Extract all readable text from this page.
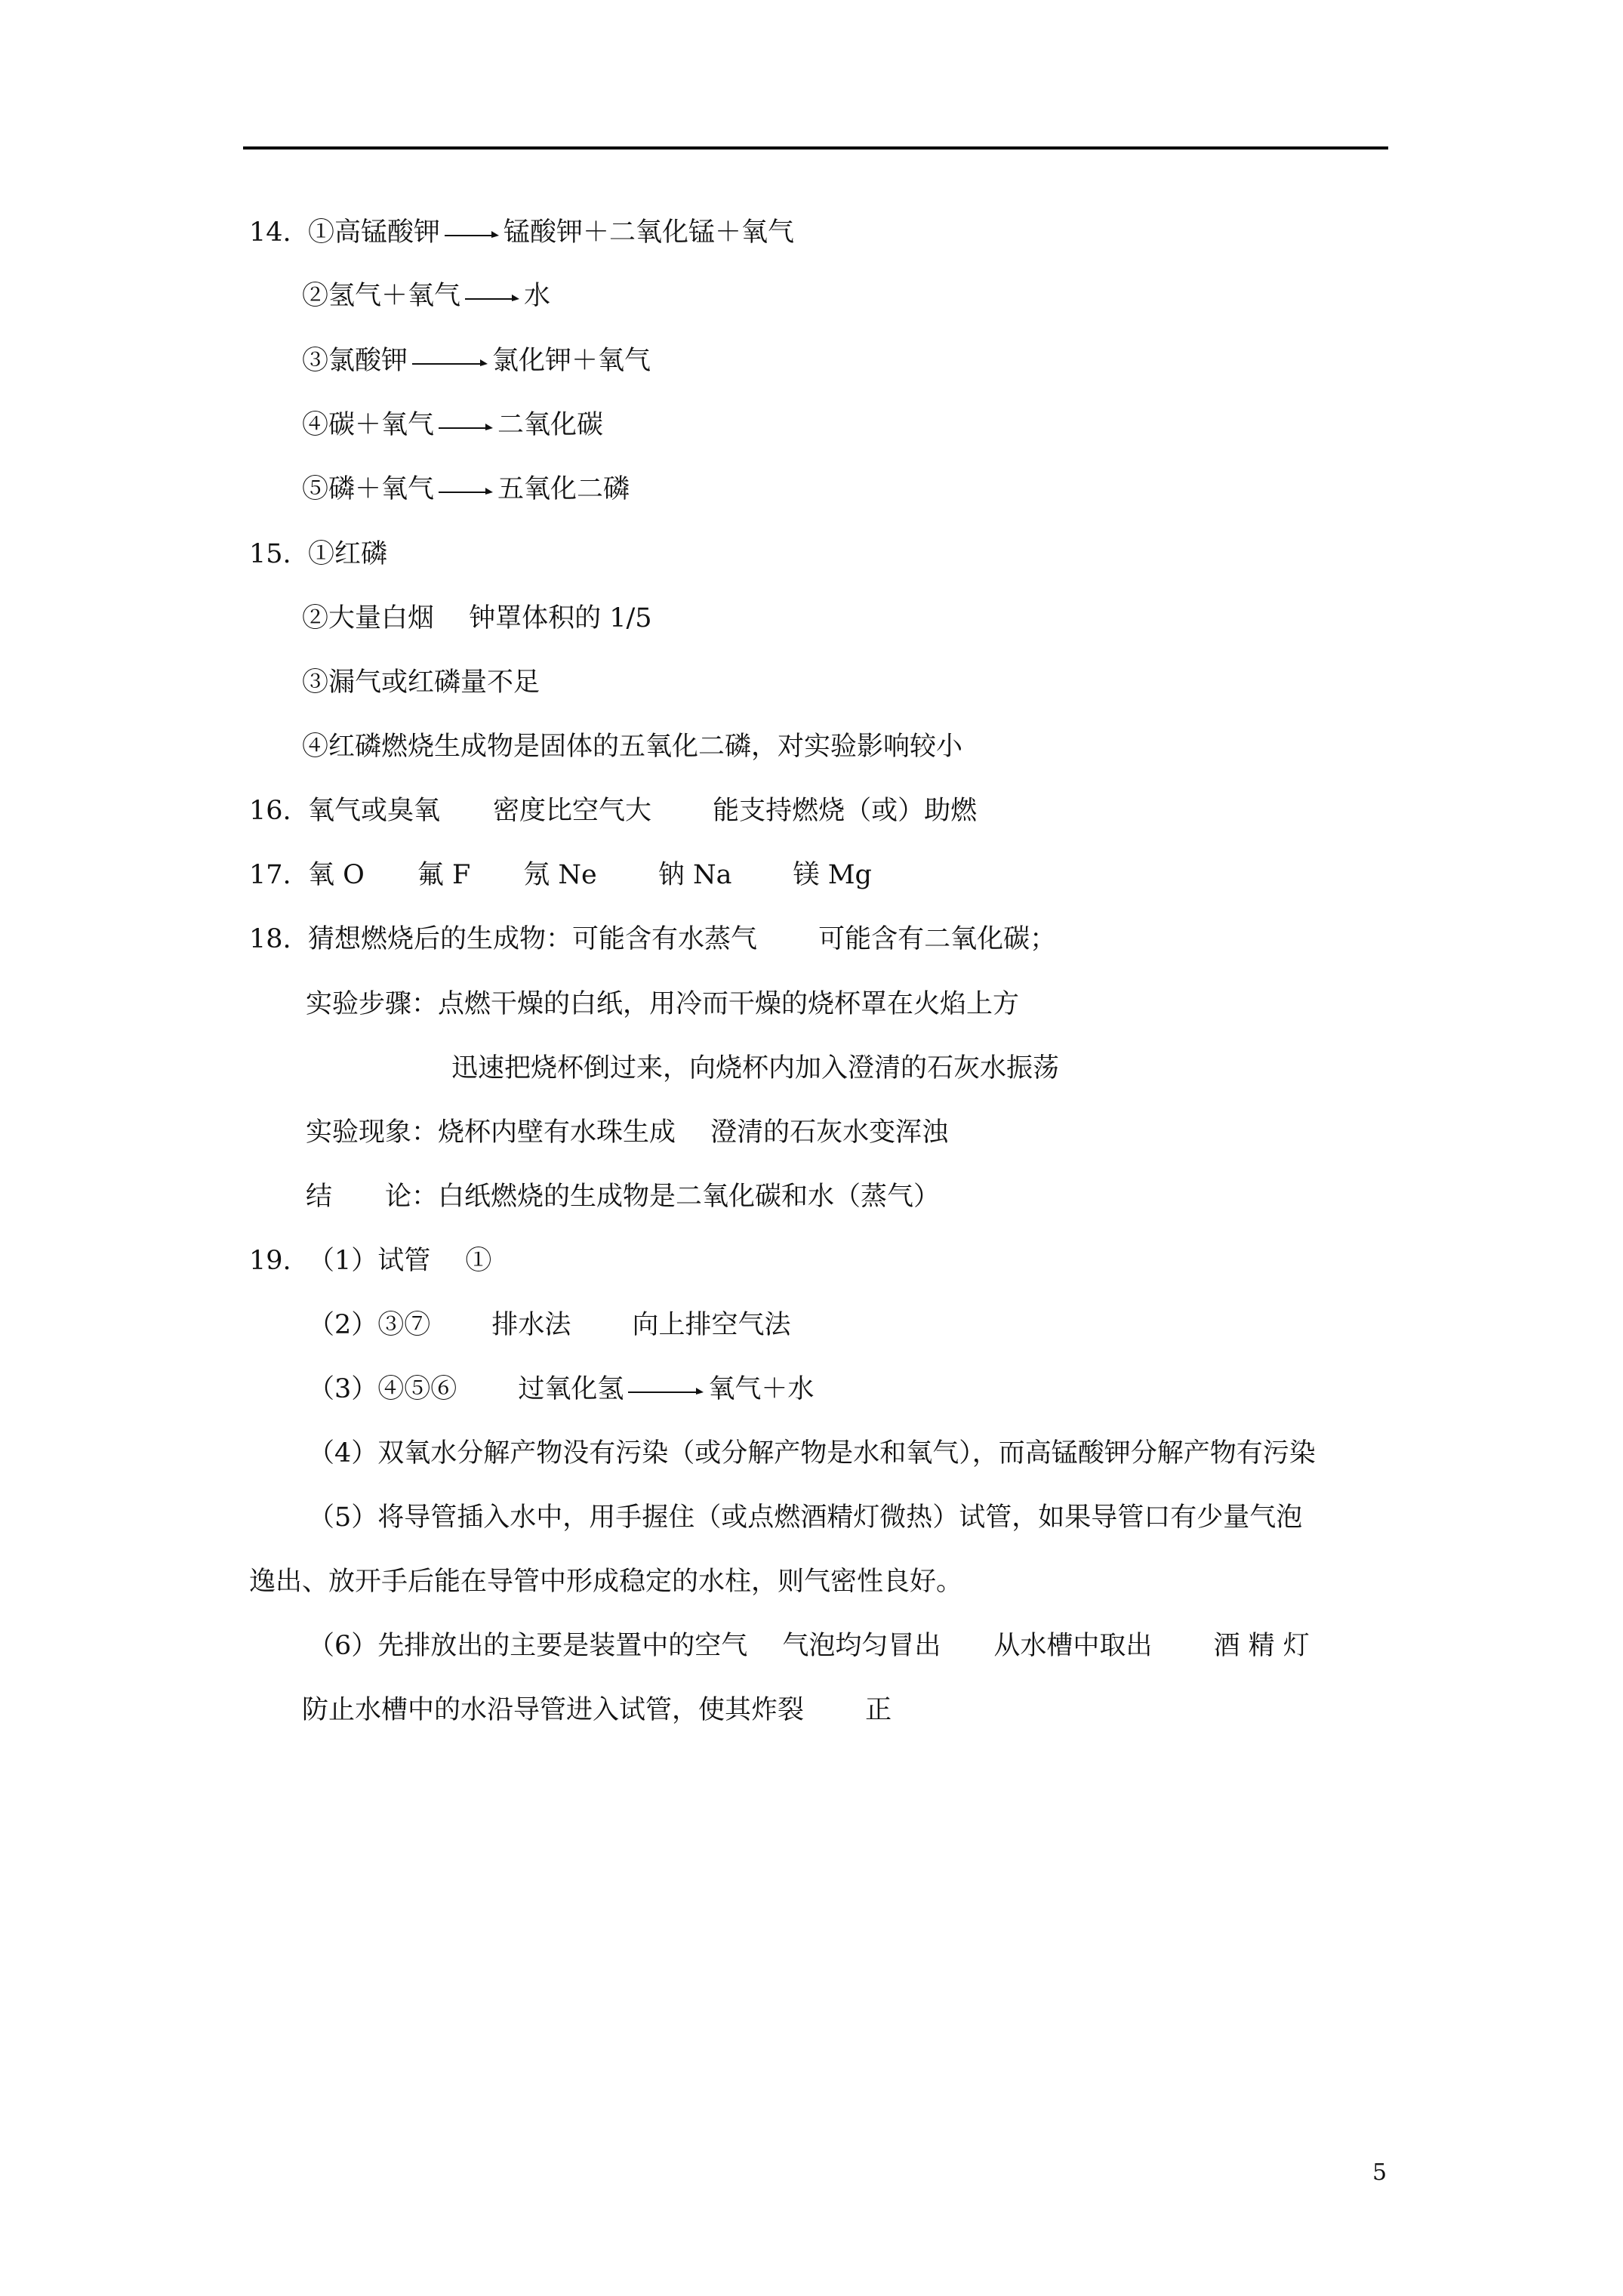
14. ①高锰酸钾 → 锰酸钾＋二氧化锰＋氧气
②氢气＋氧气 → 水
③氯酸钾 → 氯化钾＋氧气
④碳＋氧气 → 二氧化碳
⑤磷＋氧气 → 五氧化二磷
15. ①红磷
②大量白烟　 钟罩体积的 1/5
③漏气或红磷量不足
④红磷燃烧生成物是固体的五氧化二磷，对实验影响较小
16. 氧气或臭氧　　密度比空气大　　 能支持燃烧（或）助燃
17. 氧 O　　氟 F　　氖 Ne　　 钠 Na　　 镁 Mg
18. 猜想燃烧后的生成物：可能含有水蒸气　　 可能含有二氧化碳；
实验步骤：点燃干燥的白纸，用冷而干燥的烧杯罩在火焰上方
迅速把烧杯倒过来，向烧杯内加入澄清的石灰水振荡
实验现象：烧杯内壁有水珠生成　 澄清的石灰水变浑浊
结　　论：白纸燃烧的生成物是二氧化碳和水（蒸气）
19. （1）试管　 ①
（2）③⑦　　 排水法　　 向上排空气法
（3）④⑤⑥　　 过氧化氢 → 氧气＋水
（4）双氧水分解产物没有污染（或分解产物是水和氧气），而高锰酸钾分解产物有污染
（5）将导管插入水中，用手握住（或点燃酒精灯微热）试管，如果导管口有少量气泡
逸出、放开手后能在导管中形成稳定的水柱，则气密性良好。
（6）先排放出的主要是装置中的空气　 气泡均匀冒出　　从水槽中取出　　 酒 精 灯
防止水槽中的水沿导管进入试管，使其炸裂　　 正
5
